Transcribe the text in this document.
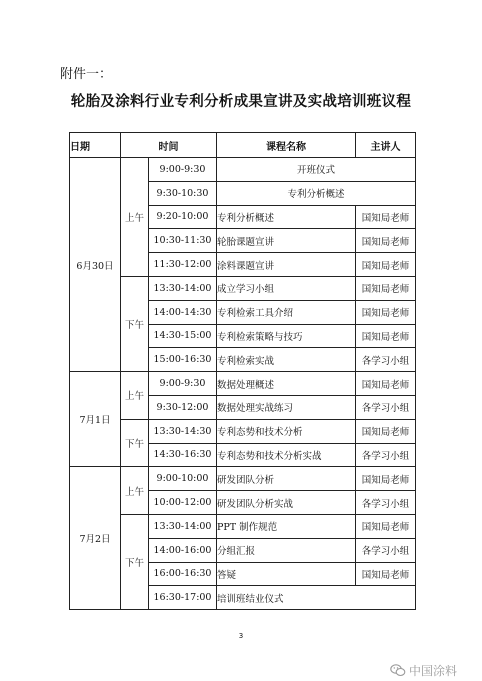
附件一：
轮胎及涂料行业专利分析成果宣讲及实战培训班议程
日期	时间		课程名称	主讲人
6月30日	上午	9:00-9:30	开班仪式	
		9:30-10:30	专利分析概述	
		9:20-10:00	专利分析概述	国知局老师
		10:30-11:30	轮胎课题宣讲	国知局老师
		11:30-12:00	涂料课题宣讲	国知局老师
	下午	13:30-14:00	成立学习小组	国知局老师
		14:00-14:30	专利检索工具介绍	国知局老师
		14:30-15:00	专利检索策略与技巧	国知局老师
		15:00-16:30	专利检索实战	各学习小组
7月1日	上午	9:00-9:30	数据处理概述	国知局老师
		9:30-12:00	数据处理实战练习	各学习小组
	下午	13:30-14:30	专利态势和技术分析	国知局老师
		14:30-16:30	专利态势和技术分析实战	各学习小组
7月2日	上午	9:00-10:00	研发团队分析	国知局老师
		10:00-12:00	研发团队分析实战	各学习小组
	下午	13:30-14:00	PPT 制作规范	国知局老师
		14:00-16:00	分组汇报	各学习小组
		16:00-16:30	答疑	国知局老师
		16:30-17:00	培训班结业仪式	
3
中国涂料
